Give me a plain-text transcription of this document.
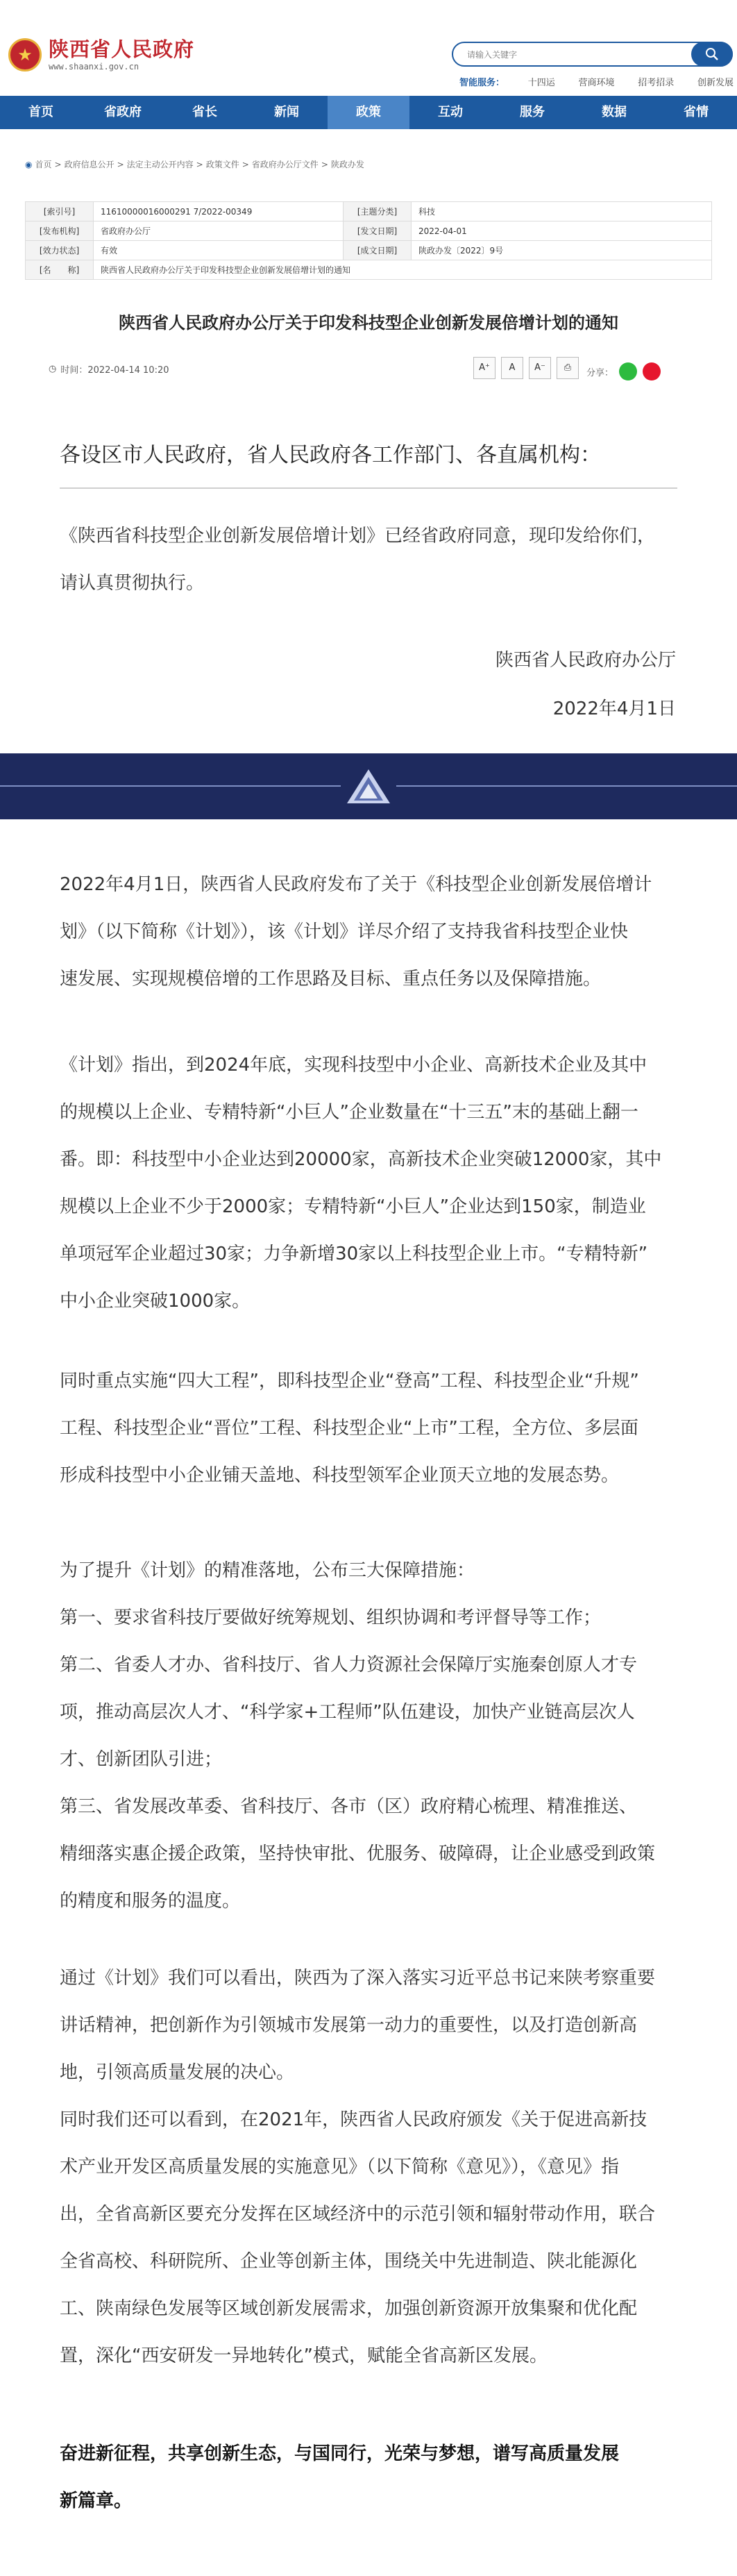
★ 陕西省人民政府
www.shaanxi.gov.cn
请输入关键字
智能服务：	十四运	营商环境	招考招录	创新发展
首页	省政府	省长	新闻	政策	互动	服务	数据	省情
◉ 首页 > 政府信息公开 > 法定主动公开内容 > 政策文件 > 省政府办公厅文件 > 陕政办发
[索引号]	11610000016000291 7/2022-00349	[主题分类]	科技
[发布机构]	省政府办公厅	[发文日期]	2022-04-01
[效力状态]	有效	[成文日期]	陕政办发〔2022〕9号
[名　　称]	陕西省人民政府办公厅关于印发科技型企业创新发展倍增计划的通知		
陕西省人民政府办公厅关于印发科技型企业创新发展倍增计划的通知
◷ 时间：2022-04-14 10:20	A⁺	A	A⁻	⎙	分享：
各设区市人民政府，省人民政府各工作部门、各直属机构：

《陕西省科技型企业创新发展倍增计划》已经省政府同意，现印发给你们，
请认真贯彻执行。

陕西省人民政府办公厅
2022年4月1日

2022年4月1日，陕西省人民政府发布了关于《科技型企业创新发展倍增计
划》（以下简称《计划》），该《计划》详尽介绍了支持我省科技型企业快
速发展、实现规模倍增的工作思路及目标、重点任务以及保障措施。

《计划》指出，到2024年底，实现科技型中小企业、高新技术企业及其中
的规模以上企业、专精特新“小巨人”企业数量在“十三五”末的基础上翻一
番。即：科技型中小企业达到20000家，高新技术企业突破12000家，其中
规模以上企业不少于2000家；专精特新“小巨人”企业达到150家，制造业
单项冠军企业超过30家；力争新增30家以上科技型企业上市。“专精特新”
中小企业突破1000家。

同时重点实施“四大工程”，即科技型企业“登高”工程、科技型企业“升规”
工程、科技型企业“晋位”工程、科技型企业“上市”工程，全方位、多层面
形成科技型中小企业铺天盖地、科技型领军企业顶天立地的发展态势。

为了提升《计划》的精准落地，公布三大保障措施：
第一、要求省科技厅要做好统筹规划、组织协调和考评督导等工作；
第二、省委人才办、省科技厅、省人力资源社会保障厅实施秦创原人才专
项，推动高层次人才、“科学家+工程师”队伍建设，加快产业链高层次人
才、创新团队引进；
第三、省发展改革委、省科技厅、各市（区）政府精心梳理、精准推送、
精细落实惠企援企政策，坚持快审批、优服务、破障碍，让企业感受到政策
的精度和服务的温度。

通过《计划》我们可以看出，陕西为了深入落实习近平总书记来陕考察重要
讲话精神，把创新作为引领城市发展第一动力的重要性，以及打造创新高
地，引领高质量发展的决心。
同时我们还可以看到，在2021年，陕西省人民政府颁发《关于促进高新技
术产业开发区高质量发展的实施意见》（以下简称《意见》），《意见》指
出，全省高新区要充分发挥在区域经济中的示范引领和辐射带动作用，联合
全省高校、科研院所、企业等创新主体，围绕关中先进制造、陕北能源化
工、陕南绿色发展等区域创新发展需求，加强创新资源开放集聚和优化配
置，深化“西安研发一异地转化”模式，赋能全省高新区发展。

奋进新征程，共享创新生态，与国同行，光荣与梦想，谱写高质量发展
新篇章。
